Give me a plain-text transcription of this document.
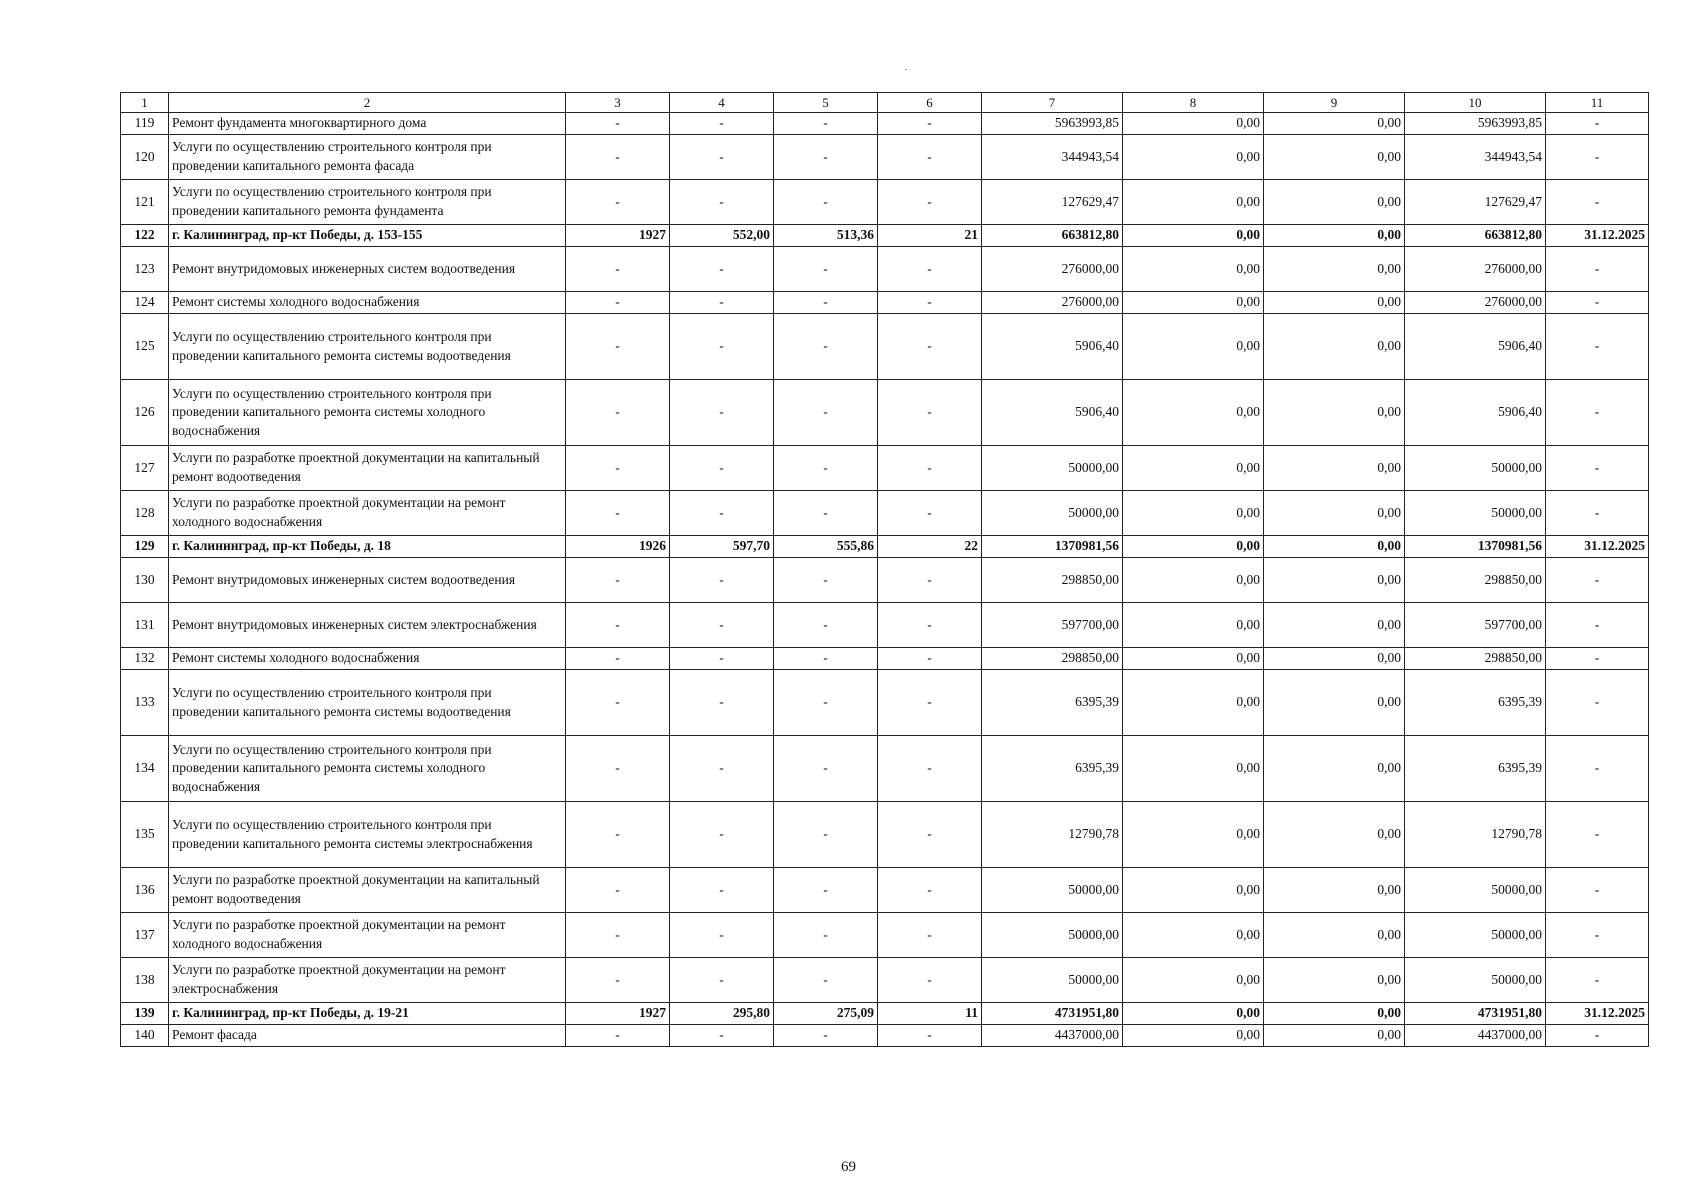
1	2	3	4	5	6	7	8	9	10	11
119	Ремонт фундамента многоквартирного дома	-	-	-	-	5963993,85	0,00	0,00	5963993,85	-
120	Услуги по осуществлению строительного контроля при проведении капитального ремонта фасада	-	-	-	-	344943,54	0,00	0,00	344943,54	-
121	Услуги по осуществлению строительного контроля при проведении капитального ремонта фундамента	-	-	-	-	127629,47	0,00	0,00	127629,47	-
122	г. Калининград, пр-кт Победы, д. 153-155	1927	552,00	513,36	21	663812,80	0,00	0,00	663812,80	31.12.2025
123	Ремонт внутридомовых инженерных систем водоотведения	-	-	-	-	276000,00	0,00	0,00	276000,00	-
124	Ремонт системы холодного водоснабжения	-	-	-	-	276000,00	0,00	0,00	276000,00	-
125	Услуги по осуществлению строительного контроля при проведении капитального ремонта системы водоотведения	-	-	-	-	5906,40	0,00	0,00	5906,40	-
126	Услуги по осуществлению строительного контроля при проведении капитального ремонта системы холодного водоснабжения	-	-	-	-	5906,40	0,00	0,00	5906,40	-
127	Услуги по разработке проектной документации на капитальный ремонт водоотведения	-	-	-	-	50000,00	0,00	0,00	50000,00	-
128	Услуги по разработке проектной документации на ремонт холодного водоснабжения	-	-	-	-	50000,00	0,00	0,00	50000,00	-
129	г. Калининград, пр-кт Победы, д. 18	1926	597,70	555,86	22	1370981,56	0,00	0,00	1370981,56	31.12.2025
130	Ремонт внутридомовых инженерных систем водоотведения	-	-	-	-	298850,00	0,00	0,00	298850,00	-
131	Ремонт внутридомовых инженерных систем электроснабжения	-	-	-	-	597700,00	0,00	0,00	597700,00	-
132	Ремонт системы холодного водоснабжения	-	-	-	-	298850,00	0,00	0,00	298850,00	-
133	Услуги по осуществлению строительного контроля при проведении капитального ремонта системы водоотведения	-	-	-	-	6395,39	0,00	0,00	6395,39	-
134	Услуги по осуществлению строительного контроля при проведении капитального ремонта системы холодного водоснабжения	-	-	-	-	6395,39	0,00	0,00	6395,39	-
135	Услуги по осуществлению строительного контроля при проведении капитального ремонта системы электроснабжения	-	-	-	-	12790,78	0,00	0,00	12790,78	-
136	Услуги по разработке проектной документации на капитальный ремонт водоотведения	-	-	-	-	50000,00	0,00	0,00	50000,00	-
137	Услуги по разработке проектной документации на ремонт холодного водоснабжения	-	-	-	-	50000,00	0,00	0,00	50000,00	-
138	Услуги по разработке проектной документации на ремонт электроснабжения	-	-	-	-	50000,00	0,00	0,00	50000,00	-
139	г. Калининград, пр-кт Победы, д. 19-21	1927	295,80	275,09	11	4731951,80	0,00	0,00	4731951,80	31.12.2025
140	Ремонт фасада	-	-	-	-	4437000,00	0,00	0,00	4437000,00	-
69
